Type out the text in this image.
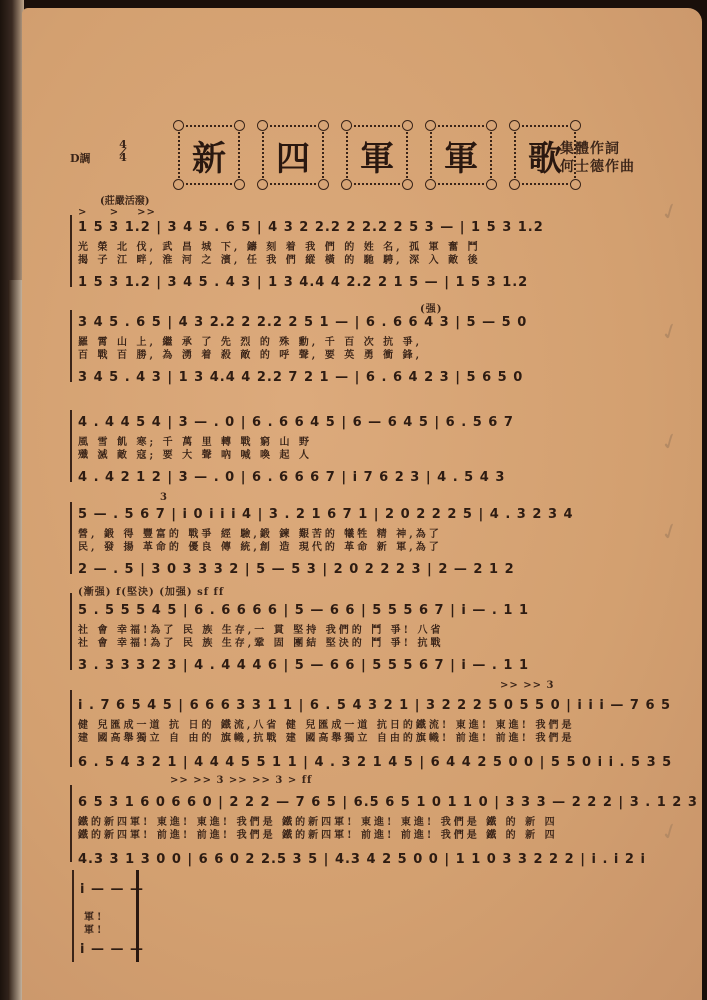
D調
4
4 新 四 軍 軍 歌
集體作詞
何士德作曲
(莊嚴活潑)
>     >    >>
1 5 3 1.2 | 3 4 5 . 6 5 | 4 3 2 2.2 2 2.2 2 5 3 — | 1 5 3 1.2
光 榮 北 伐, 武 昌 城 下, 鑄 刻 着 我 們 的 姓 名, 孤 軍 奮 鬥
揭 子 江 畔, 淮 河 之 濱, 任 我 們 縱 橫 的 馳 騁, 深 入 敵 後
1 5 3 1.2 | 3 4 5 . 4 3 | 1 3 4.4 4 2.2 2 1 5 — | 1 5 3 1.2
(强)
3 4 5 . 6 5 | 4 3 2.2 2 2.2 2 5 1 — | 6 . 6 6 4 3 | 5 — 5 0
羅 霄 山 上, 繼 承 了 先 烈 的 殊 勳, 千 百 次 抗 爭,
百 戰 百 勝, 為 湧 着 殺 敵 的 呼 聲, 要 英 勇 衝 鋒,
3 4 5 . 4 3 | 1 3 4.4 4 2.2 7 2 1 — | 6 . 6 4 2 3 | 5 6 5 0
4 . 4 4 5 4 | 3 — . 0 | 6 . 6 6 4 5 | 6 — 6 4 5 | 6 . 5 6 7
風 雪 飢 寒; 千 萬 里 轉 戰 窮 山 野
殲 滅 敵 寇; 要 大 聲 吶 喊 喚 起 人
4 . 4 2 1 2 | 3 — . 0 | 6 . 6 6 6 7 | i 7 6 2 3 | 4 . 5 4 3
3
5 — . 5 6 7 | i 0 i i i 4 | 3 . 2 1 6 7 1 | 2 0 2 2 2 5 | 4 . 3 2 3 4
營, 鍛 得 豐富的 戰爭 經 驗,鍛 鍊 艱苦的 犧牲 精 神,為了
民, 發 揚 革命的 優良 傳 統,創 造 現代的 革命 新 軍,為了
2 — . 5 | 3 0 3 3 3 2 | 5 — 5 3 | 2 0 2 2 2 3 | 2 — 2 1 2
(漸强) f(堅決) (加强) sf ff
5 . 5 5 5 4 5 | 6 . 6 6 6 6 | 5 — 6 6 | 5 5 5 6 7 | i — . 1 1
社 會 幸福!為了 民 族 生存,一 貫 堅持 我們的 鬥 爭! 八省
社 會 幸福!為了 民 族 生存,鞏 固 團結 堅決的 鬥 爭! 抗戰
3 . 3 3 3 2 3 | 4 . 4 4 4 6 | 5 — 6 6 | 5 5 5 6 7 | i — . 1 1
>> >> 3
i . 7 6 5 4 5 | 6 6 6 3 3 1 1 | 6 . 5 4 3 2 1 | 3 2 2 2 5 0 5 5 0 | i i i — 7 6 5
健 兒匯成一道 抗 日的 鐵流,八省 健 兒匯成一道 抗日的鐵流! 東進! 東進! 我們是
建 國高舉獨立 自 由的 旗幟,抗戰 建 國高舉獨立 自由的旗幟! 前進! 前進! 我們是
6 . 5 4 3 2 1 | 4 4 4 5 5 1 1 | 4 . 3 2 1 4 5 | 6 4 4 2 5 0 0 | 5 5 0 i i . 5 3 5
>> >> 3 >> >> 3 > ff
6 5 3 1 6 0 6 6 0 | 2 2 2 — 7 6 5 | 6.5 6 5 1 0 1 1 0 | 3 3 3 — 2 2 2 | 3 . 1 2 3
鐵的新四軍! 東進! 東進! 我們是 鐵的新四軍! 東進! 東進! 我們是 鐵 的 新 四
鐵的新四軍! 前進! 前進! 我們是 鐵的新四軍! 前進! 前進! 我們是 鐵 的 新 四
4.3 3 1 3 0 0 | 6 6 0 2 2.5 3 5 | 4.3 4 2 5 0 0 | 1 1 0 3 3 2 2 2 | i . i 2 i
i — — —
軍!
軍!
i — — —
✓
✓
✓
✓
✓
